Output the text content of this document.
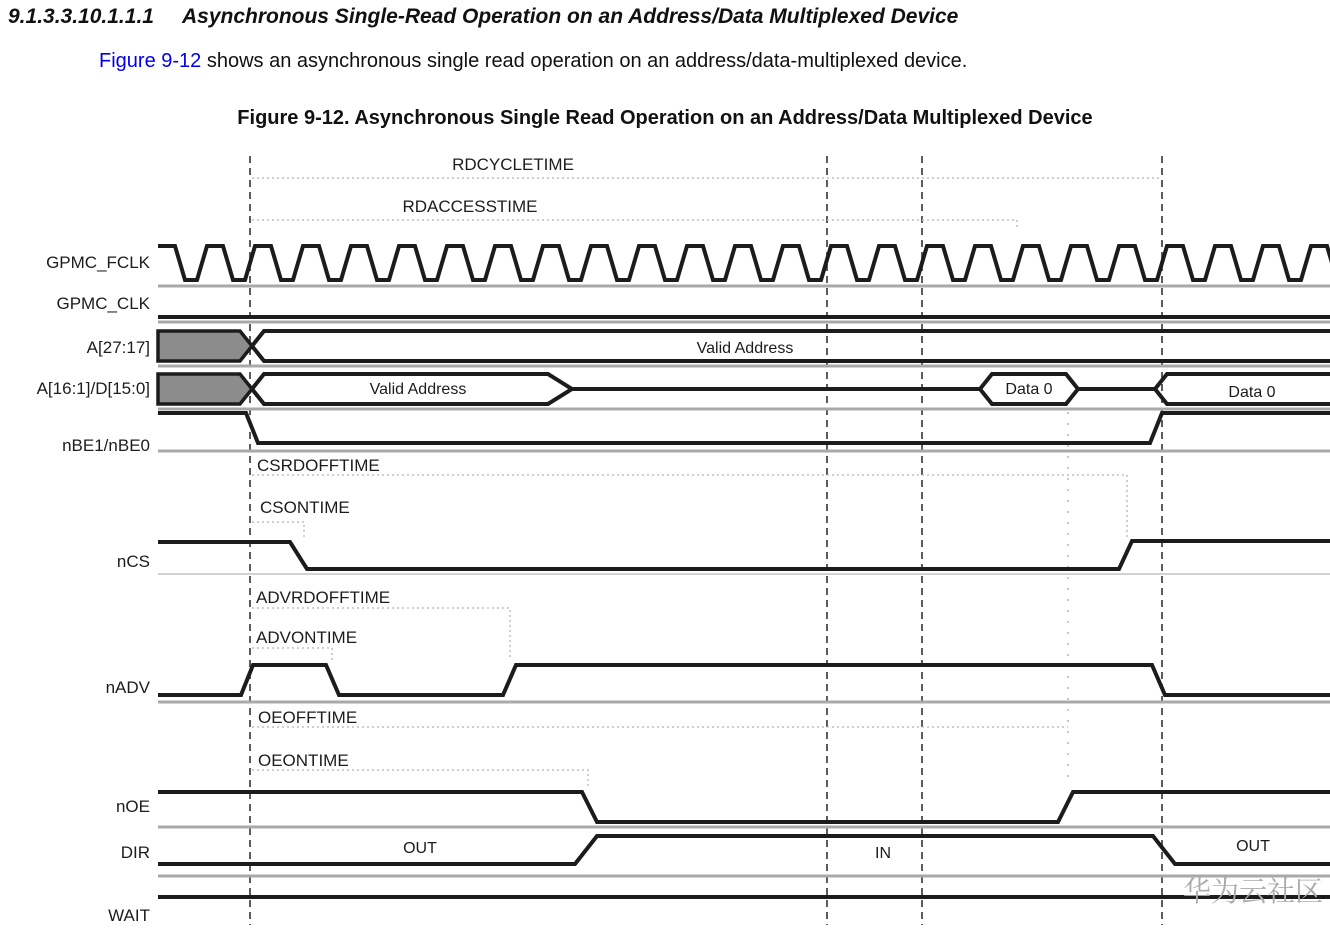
9.1.3.3.10.1.1.1 Asynchronous Single-Read Operation on an Address/Data Multiplexed Device
Figure 9-12 shows an asynchronous single read operation on an address/data-multiplexed device.
Figure 9-12. Asynchronous Single Read Operation on an Address/Data Multiplexed Device
GPMC_FCLK
GPMC_CLK
A[27:17]
A[16:1]/D[15:0]
nBE1/nBE0
nCS
nADV
nOE
DIR
WAIT
RDCYCLETIME
RDACCESSTIME
CSRDOFFTIME
CSONTIME
ADVRDOFFTIME
ADVONTIME
OEOFFTIME
OEONTIME
Valid Address
Valid Address	Data 0	Data 0
OUT	IN	OUT
华为云社区
